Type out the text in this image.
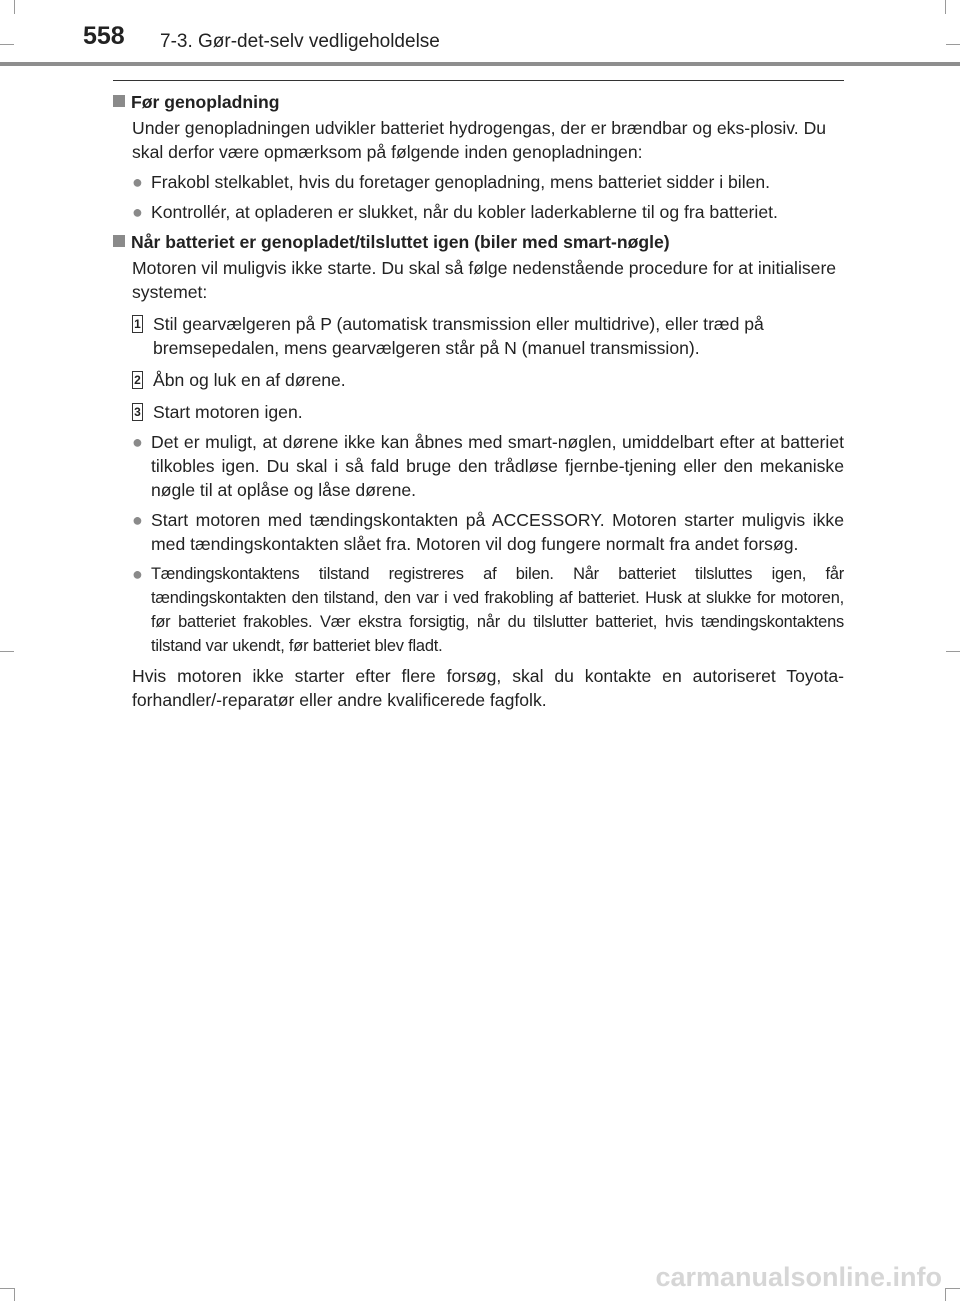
558 7-3. Gør-det-selv vedligeholdelse
Før genopladning
Under genopladningen udvikler batteriet hydrogengas, der er brændbar og eks-plosiv. Du skal derfor være opmærksom på følgende inden genopladningen:
● Frakobl stelkablet, hvis du foretager genopladning, mens batteriet sidder i bilen.
● Kontrollér, at opladeren er slukket, når du kobler laderkablerne til og fra batteriet.
Når batteriet er genopladet/tilsluttet igen (biler med smart-nøgle)
Motoren vil muligvis ikke starte. Du skal så følge nedenstående procedure for at initialisere systemet:
1 Stil gearvælgeren på P (automatisk transmission eller multidrive), eller træd på bremsepedalen, mens gearvælgeren står på N (manuel transmission).
2 Åbn og luk en af dørene.
3 Start motoren igen.
● Det er muligt, at dørene ikke kan åbnes med smart-nøglen, umiddelbart efter at batteriet tilkobles igen. Du skal i så fald bruge den trådløse fjernbe-tjening eller den mekaniske nøgle til at oplåse og låse dørene.
● Start motoren med tændingskontakten på ACCESSORY. Motoren starter muligvis ikke med tændingskontakten slået fra. Motoren vil dog fungere normalt fra andet forsøg.
● Tændingskontaktens tilstand registreres af bilen. Når batteriet tilsluttes igen, får tændingskontakten den tilstand, den var i ved frakobling af batteriet. Husk at slukke for motoren, før batteriet frakobles. Vær ekstra forsigtig, når du tilslutter batteriet, hvis tændingskontaktens tilstand var ukendt, før batteriet blev fladt.
Hvis motoren ikke starter efter flere forsøg, skal du kontakte en autoriseret Toyota-forhandler/-reparatør eller andre kvalificerede fagfolk.
carmanualsonline.info
